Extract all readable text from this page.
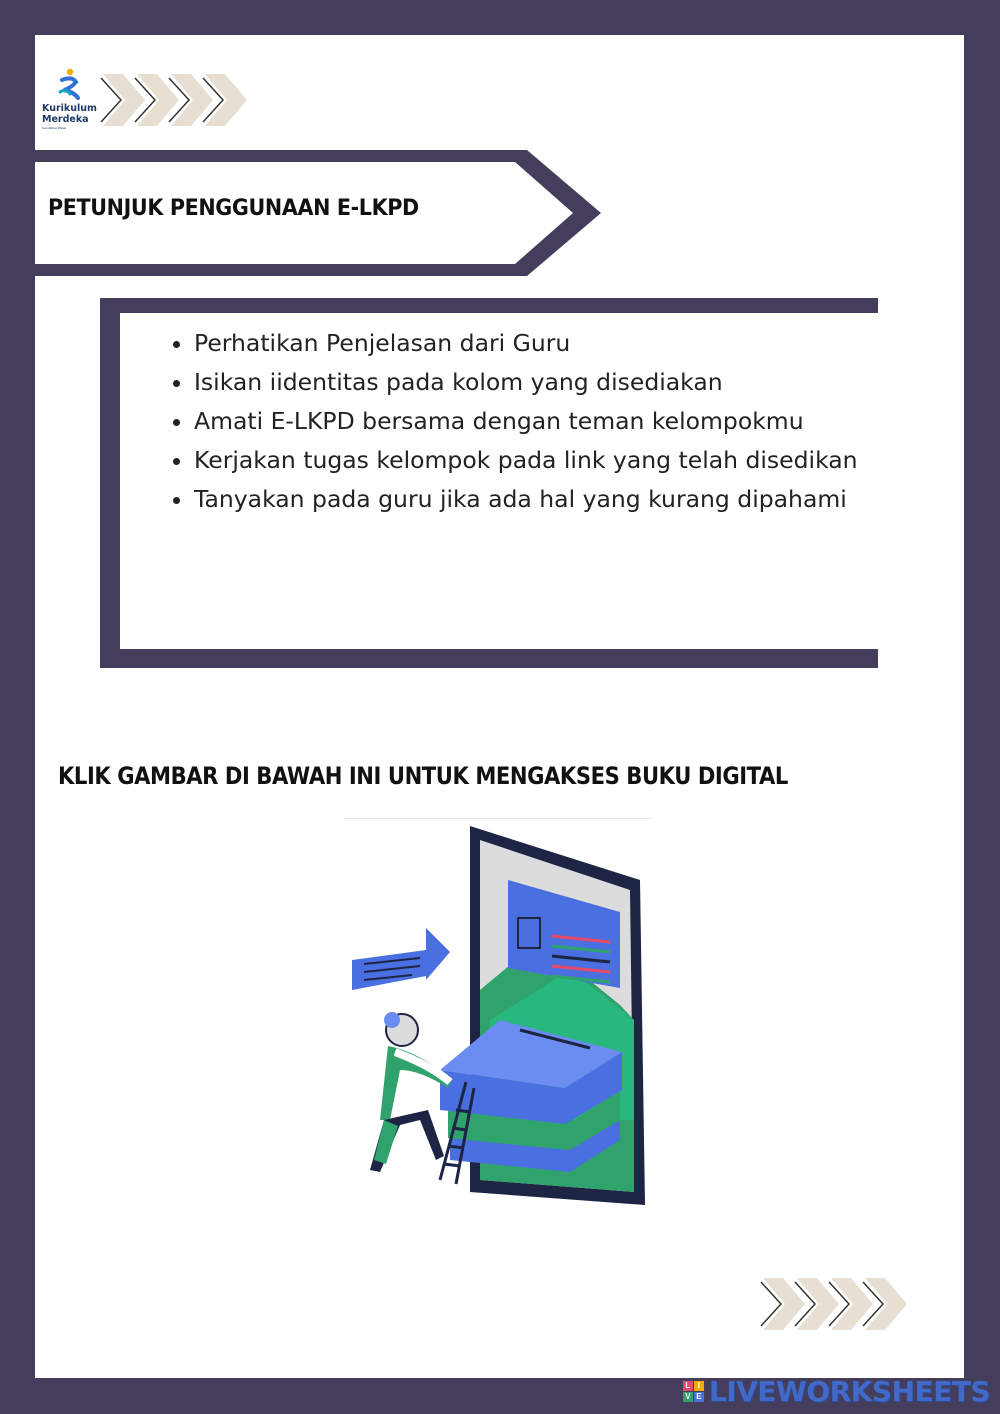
Kurikulum
Merdeka
Kemdikbud Ristek
PETUNJUK PENGGUNAAN E-LKPD
• Perhatikan Penjelasan dari Guru
• Isikan iidentitas pada kolom yang disediakan
• Amati E-LKPD bersama dengan teman kelompokmu
• Kerjakan tugas kelompok pada link yang telah disedikan
• Tanyakan pada guru jika ada hal yang kurang dipahami
KLIK GAMBAR DI BAWAH INI UNTUK MENGAKSES BUKU DIGITAL
L I
V E LIVEWORKSHEETS
